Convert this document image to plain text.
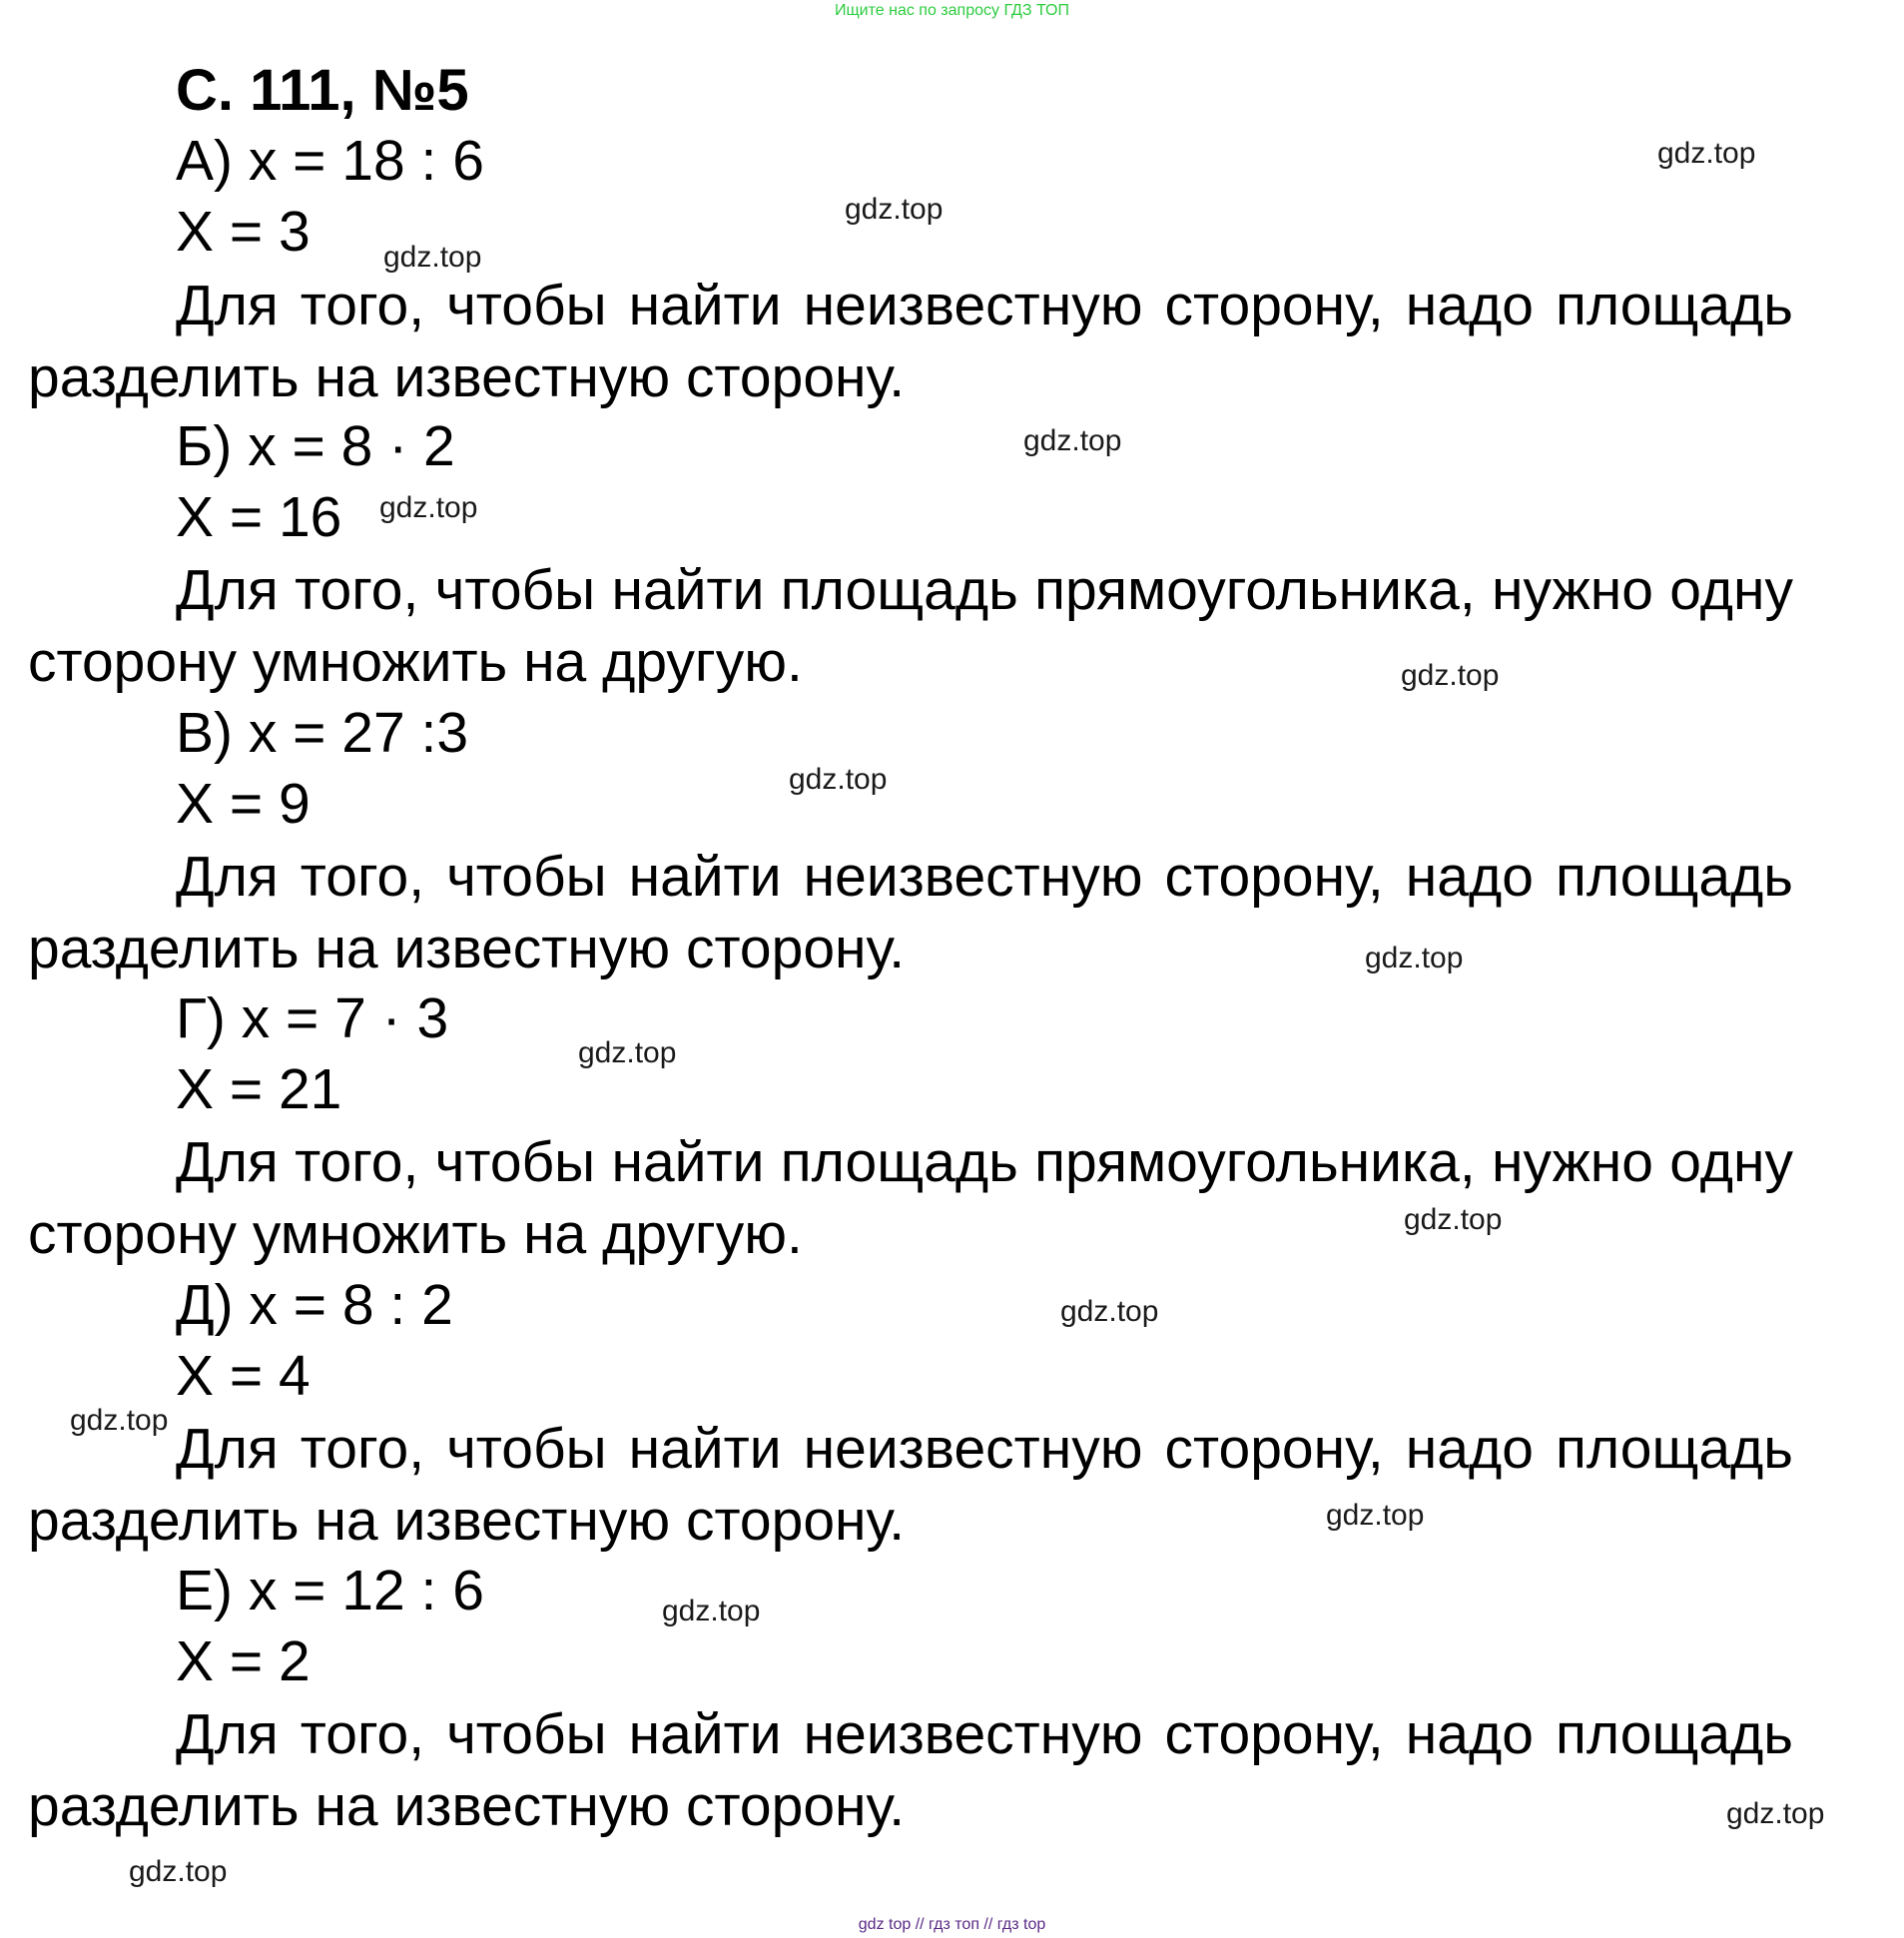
Ищите нас по запросу ГДЗ ТОП
С. 111, №5
А) x = 18 : 6
X = 3

Для того, чтобы найти неизвестную сторону, надо площадь разделить на известную сторону.

Б) x = 8 · 2
X = 16

Для того, чтобы найти площадь прямоугольника, нужно одну сторону умножить на другую.

В) x = 27 :3
X = 9

Для того, чтобы найти неизвестную сторону, надо площадь разделить на известную сторону.

Г) x = 7 · 3
X = 21

Для того, чтобы найти площадь прямоугольника, нужно одну сторону умножить на другую.

Д) x = 8 : 2
X = 4

Для того, чтобы найти неизвестную сторону, надо площадь разделить на известную сторону.

Е) x = 12 : 6
X = 2

Для того, чтобы найти неизвестную сторону, надо площадь разделить на известную сторону.

gdz.top
gdz.top
gdz.top
gdz.top
gdz.top
gdz.top
gdz.top
gdz.top
gdz.top
gdz.top
gdz.top
gdz.top
gdz.top
gdz.top
gdz.top
gdz.top
gdz top // гдз топ // гдз top
